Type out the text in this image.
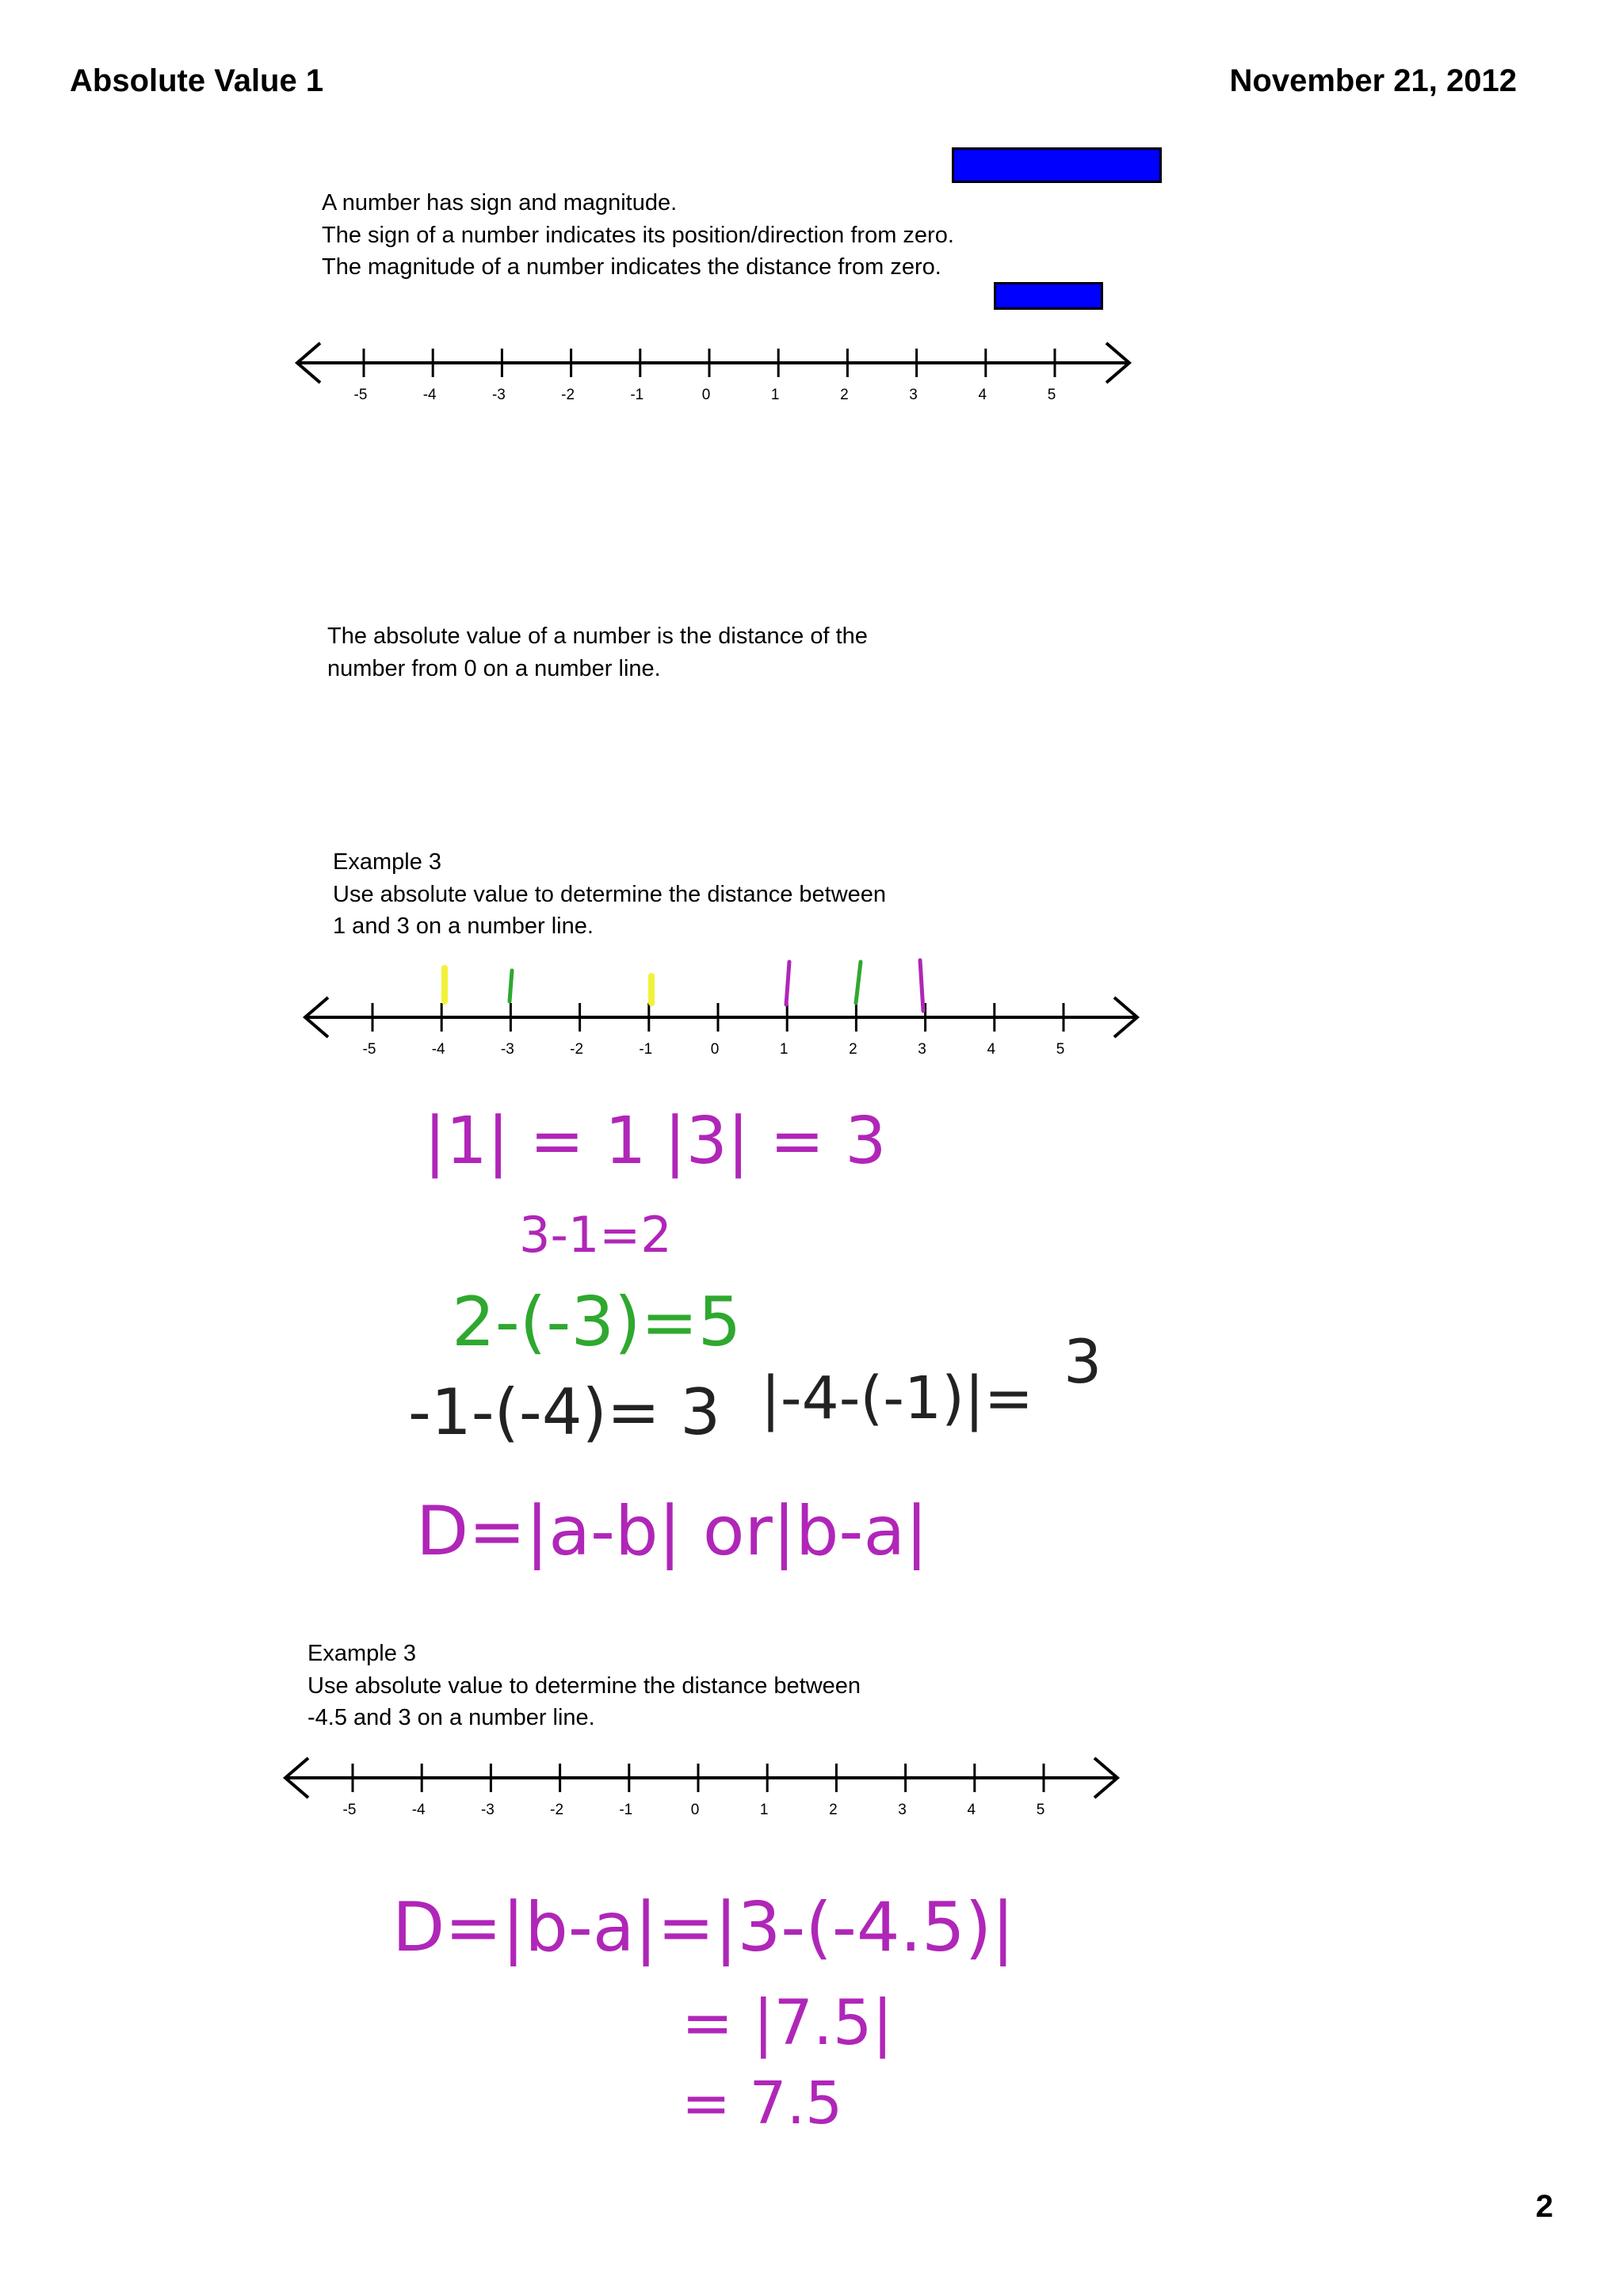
Absolute Value 1	November 21, 2012
A number has sign and magnitude.
The sign of a number indicates its position/direction from zero.
The magnitude of a number indicates the distance from zero.
-5	-4	-3	-2	-1	0	1	2	3	4	5
-5	-4	-3	-2	-1	0	1	2	3	4	5
-5	-4	-3	-2	-1	0	1	2	3	4	5
The absolute value of a number is the distance of the
number from 0 on a number line.
Example 3
Use absolute value to determine the distance between
1 and 3 on a number line.
Example 3
Use absolute value to determine the distance between
-4.5 and 3 on a number line.
|1| = 1 |3| = 3
3-1=2
2-(-3)=5
-1-(-4)= 3 |-4-(-1)|=
3
D=|a-b| or|b-a|
D=|b-a|=|3-(-4.5)|
= |7.5|
= 7.5
2
